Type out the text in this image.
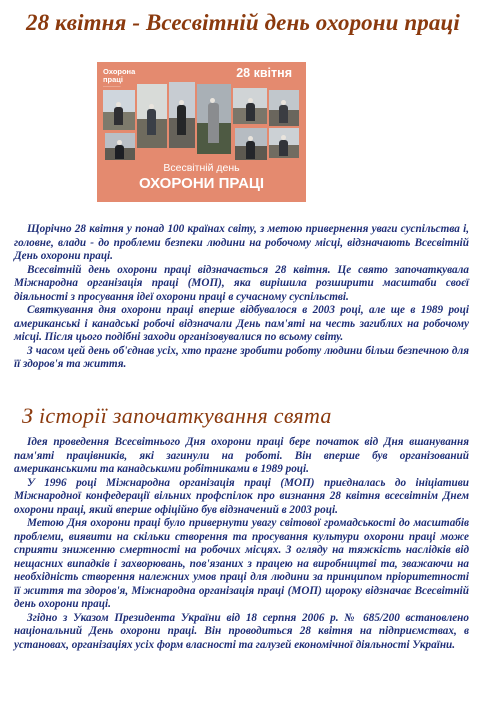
28 квітня - Всесвітній день охорони праці
Охорона
праці
—————
28 квітня
Всесвітній день
ОХОРОНИ ПРАЦІ

Щорічно 28 квітня у понад 100 країнах світу, з метою привернення уваги суспільства і, головне, влади - до проблеми безпеки людини на робочому місці, відзначають Всесвітній День охорони праці.

Всесвітній день охорони праці відзначається 28 квітня. Це свято започаткувала Міжнародна організація праці (МОП), яка вирішила розширити масштаби своєї діяльності з просування ідеї охорони праці в сучасному суспільстві.

Святкування дня охорони праці вперше відбувалося в 2003 році, але ще в 1989 році американські і канадські робочі відзначали День пам'яті на честь загиблих на робочому місці. Після цього подібні заходи організовувалися по всьому світу.

З часом цей день об'єднав усіх, хто прагне зробити роботу людини більш безпечною для її здоров'я та життя.

З історії започаткування свята

Ідея проведення Всесвітнього Дня охорони праці бере початок від Дня вшанування пам'яті працівників, які загинули на роботі. Він вперше був організований американськими та канадськими робітниками в 1989 році.

У 1996 році Міжнародна організація праці (МОП) приєдналась до ініціативи Міжнародної конфедерації вільних профспілок про визнання 28 квітня всесвітнім Днем охорони праці, який вперше офіційно був відзначений в 2003 році.

Метою Дня охорони праці було привернути увагу світової громадськості до масштабів проблеми, виявити на скільки створення та просування культури охорони праці може сприяти зниженню смертності на робочих місцях. З огляду на тяжкість наслідків від нещасних випадків і захворювань, пов'язаних з працею на виробництві та, зважаючи на необхідність створення належних умов праці для людини за принципом пріоритетності її життя та здоров'я, Міжнародна організація праці (МОП) щороку відзначає Всесвітній день охорони праці.

Згідно з Указом Президента України від 18 серпня 2006 р. № 685/200 встановлено національний День охорони праці. Він проводиться 28 квітня на підприємствах, в установах, організаціях усіх форм власності та галузей економічної діяльності України.
